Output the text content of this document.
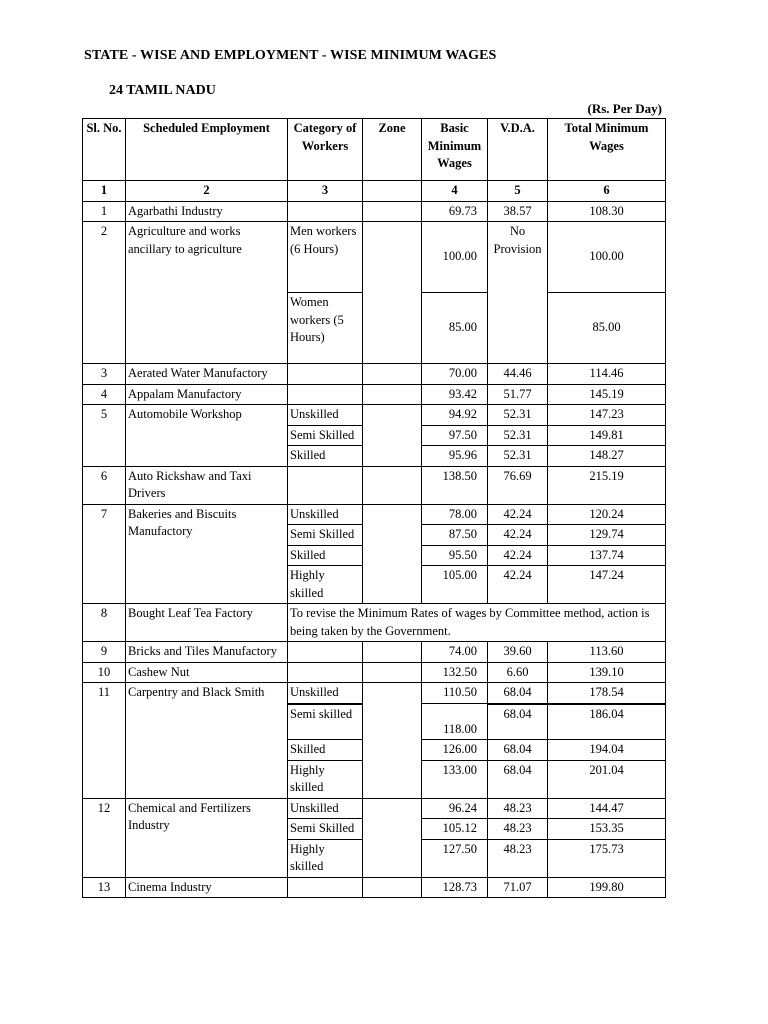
STATE - WISE AND EMPLOYMENT - WISE MINIMUM WAGES
24 TAMIL NADU
(Rs. Per Day)
Sl. No.	Scheduled Employment	Category of Workers	Zone	Basic Minimum Wages	V.D.A.	Total Minimum Wages
1	2	3		4	5	6
1	Agarbathi Industry			69.73	38.57	108.30
2	Agriculture and works ancillary to agriculture	Men workers (6 Hours)		100.00	No Provision	100.00
		Women workers (5 Hours)		85.00		85.00
3	Aerated Water Manufactory			70.00	44.46	114.46
4	Appalam Manufactory			93.42	51.77	145.19
5	Automobile Workshop	Unskilled		94.92	52.31	147.23
		Semi Skilled		97.50	52.31	149.81
		Skilled		95.96	52.31	148.27
6	Auto Rickshaw and Taxi Drivers			138.50	76.69	215.19
7	Bakeries and Biscuits Manufactory	Unskilled		78.00	42.24	120.24
		Semi Skilled		87.50	42.24	129.74
		Skilled		95.50	42.24	137.74
		Highly skilled		105.00	42.24	147.24
8	Bought Leaf Tea Factory	To revise the Minimum Rates of wages by Committee method, action is being taken by the Government.				
9	Bricks and Tiles Manufactory			74.00	39.60	113.60
10	Cashew Nut			132.50	6.60	139.10
11	Carpentry and Black Smith	Unskilled		110.50	68.04	178.54
		Semi skilled		118.00	68.04	186.04
		Skilled		126.00	68.04	194.04
		Highly skilled		133.00	68.04	201.04
12	Chemical and Fertilizers Industry	Unskilled		96.24	48.23	144.47
		Semi Skilled		105.12	48.23	153.35
		Highly skilled		127.50	48.23	175.73
13	Cinema Industry			128.73	71.07	199.80
